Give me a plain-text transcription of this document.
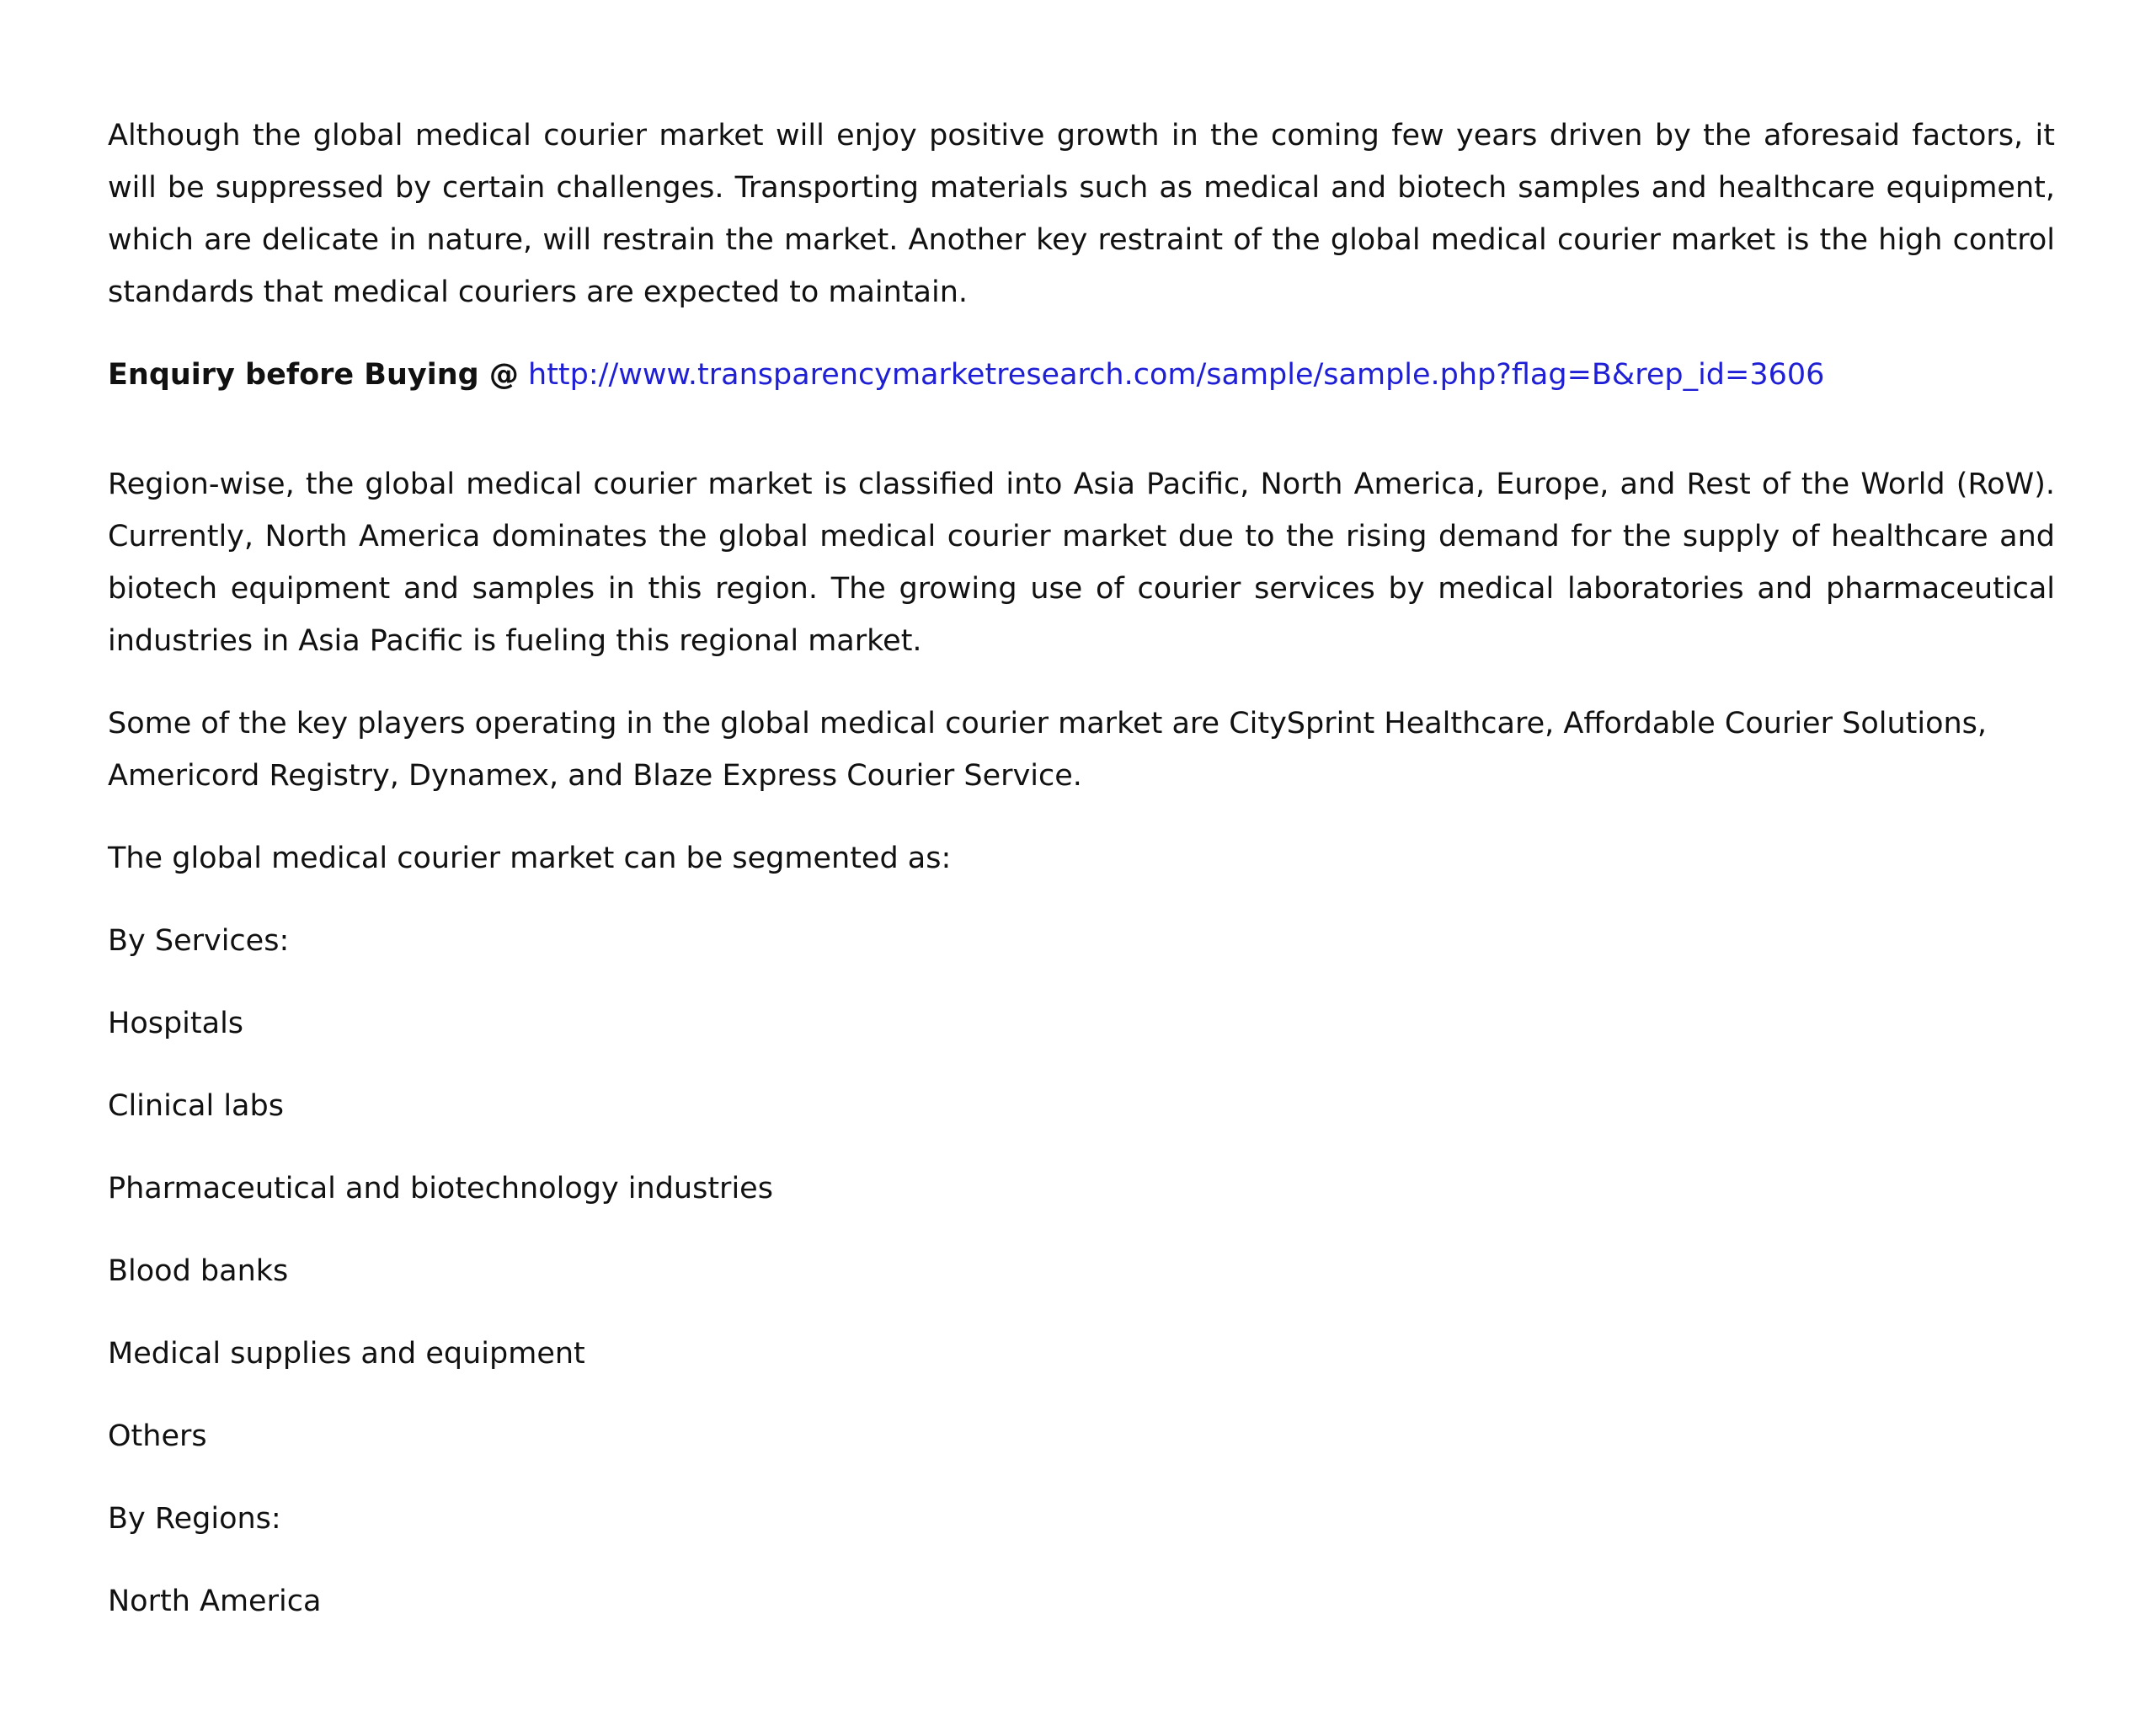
Although the global medical courier market will enjoy positive growth in the coming few years driven by the aforesaid factors, it will be suppressed by certain challenges. Transporting materials such as medical and biotech samples and healthcare equipment, which are delicate in nature, will restrain the market. Another key restraint of the global medical courier market is the high control standards that medical couriers are expected to maintain.

Enquiry before Buying @ http://www.transparencymarketresearch.com/sample/sample.php?flag=B&rep_id=3606

Region-wise, the global medical courier market is classified into Asia Pacific, North America, Europe, and Rest of the World (RoW). Currently, North America dominates the global medical courier market due to the rising demand for the supply of healthcare and biotech equipment and samples in this region. The growing use of courier services by medical laboratories and pharmaceutical industries in Asia Pacific is fueling this regional market.

Some of the key players operating in the global medical courier market are CitySprint Healthcare, Affordable Courier Solutions, Americord Registry, Dynamex, and Blaze Express Courier Service.

The global medical courier market can be segmented as:

By Services:

Hospitals

Clinical labs

Pharmaceutical and biotechnology industries

Blood banks

Medical supplies and equipment

Others

By Regions:

North America
